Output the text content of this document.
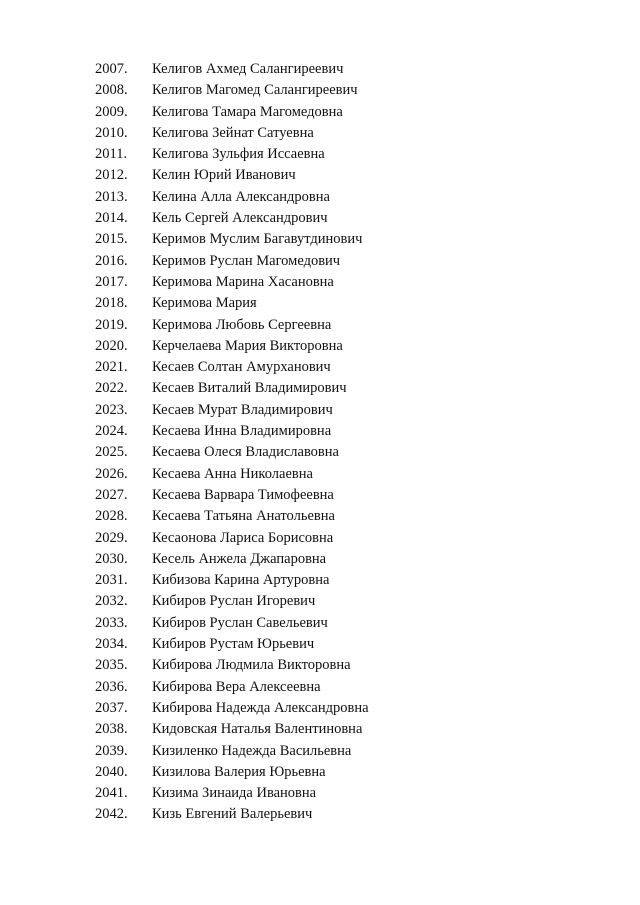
2007.	Келигов Ахмед Салангиреевич
2008.	Келигов Магомед Салангиреевич
2009.	Келигова Тамара Магомедовна
2010.	Келигова Зейнат Сатуевна
2011.	Келигова Зульфия Иссаевна
2012.	Келин Юрий Иванович
2013.	Келина Алла Александровна
2014.	Кель Сергей Александрович
2015.	Керимов Муслим Багавутдинович
2016.	Керимов Руслан Магомедович
2017.	Керимова Марина Хасановна
2018.	Керимова Мария
2019.	Керимова Любовь Сергеевна
2020.	Керчелаева Мария Викторовна
2021.	Кесаев Солтан Амурханович
2022.	Кесаев Виталий Владимирович
2023.	Кесаев Мурат Владимирович
2024.	Кесаева Инна Владимировна
2025.	Кесаева Олеся Владиславовна
2026.	Кесаева Анна Николаевна
2027.	Кесаева Варвара Тимофеевна
2028.	Кесаева Татьяна Анатольевна
2029.	Кесаонова Лариса Борисовна
2030.	Кесель Анжела Джапаровна
2031.	Кибизова Карина Артуровна
2032.	Кибиров Руслан Игоревич
2033.	Кибиров Руслан Савельевич
2034.	Кибиров Рустам Юрьевич
2035.	Кибирова Людмила Викторовна
2036.	Кибирова Вера Алексеевна
2037.	Кибирова Надежда Александровна
2038.	Кидовская Наталья Валентиновна
2039.	Кизиленко Надежда Васильевна
2040.	Кизилова Валерия Юрьевна
2041.	Кизима Зинаида Ивановна
2042.	Кизь Евгений Валерьевич
